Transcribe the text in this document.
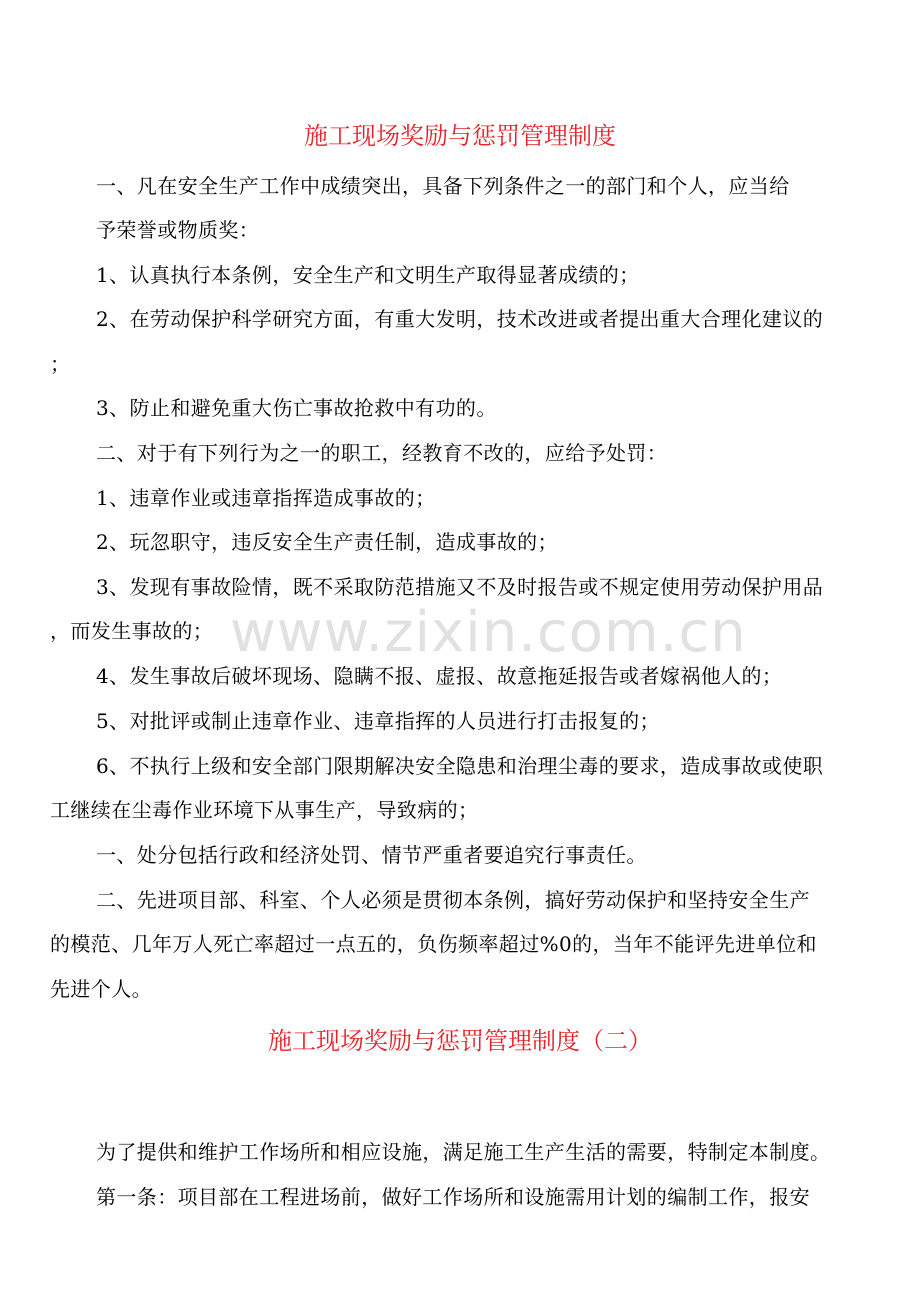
www.zixin.com.cn
施工现场奖励与惩罚管理制度
一、凡在安全生产工作中成绩突出，具备下列条件之一的部门和个人，应当给
予荣誉或物质奖：
1、认真执行本条例，安全生产和文明生产取得显著成绩的；
2、在劳动保护科学研究方面，有重大发明，技术改进或者提出重大合理化建议的
；
3、防止和避免重大伤亡事故抢救中有功的。
二、对于有下列行为之一的职工，经教育不改的，应给予处罚：
1、违章作业或违章指挥造成事故的；
2、玩忽职守，违反安全生产责任制，造成事故的；
3、发现有事故险情，既不采取防范措施又不及时报告或不规定使用劳动保护用品
，而发生事故的；
4、发生事故后破坏现场、隐瞒不报、虚报、故意拖延报告或者嫁祸他人的；
5、对批评或制止违章作业、违章指挥的人员进行打击报复的；
6、不执行上级和安全部门限期解决安全隐患和治理尘毒的要求，造成事故或使职
工继续在尘毒作业环境下从事生产，导致病的；
一、处分包括行政和经济处罚、情节严重者要追究行事责任。
二、先进项目部、科室、个人必须是贯彻本条例，搞好劳动保护和坚持安全生产
的模范、几年万人死亡率超过一点五的，负伤频率超过%0的，当年不能评先进单位和
先进个人。
施工现场奖励与惩罚管理制度（二）
为了提供和维护工作场所和相应设施，满足施工生产生活的需要，特制定本制度。
第一条：项目部在工程进场前，做好工作场所和设施需用计划的编制工作，报安
